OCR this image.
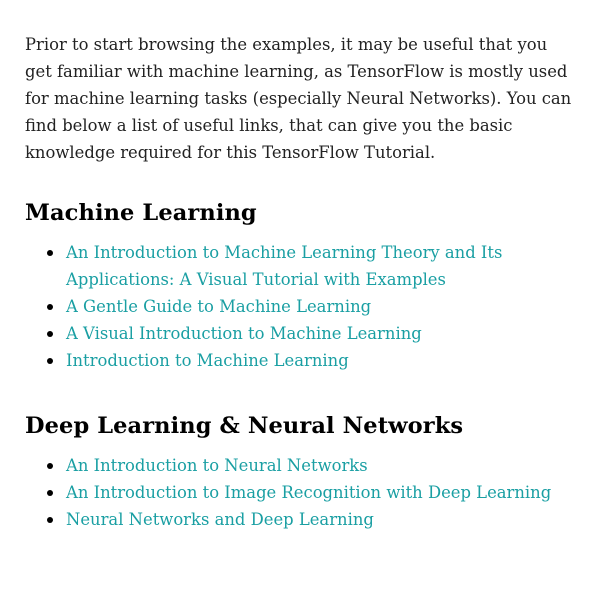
Prior to start browsing the examples, it may be useful that you get familiar with machine learning, as TensorFlow is mostly used for machine learning tasks (especially Neural Networks). You can find below a list of useful links, that can give you the basic knowledge required for this TensorFlow Tutorial.

Machine Learning
An Introduction to Machine Learning Theory and Its Applications: A Visual Tutorial with Examples
A Gentle Guide to Machine Learning
A Visual Introduction to Machine Learning
Introduction to Machine Learning
Deep Learning & Neural Networks
An Introduction to Neural Networks
An Introduction to Image Recognition with Deep Learning
Neural Networks and Deep Learning
